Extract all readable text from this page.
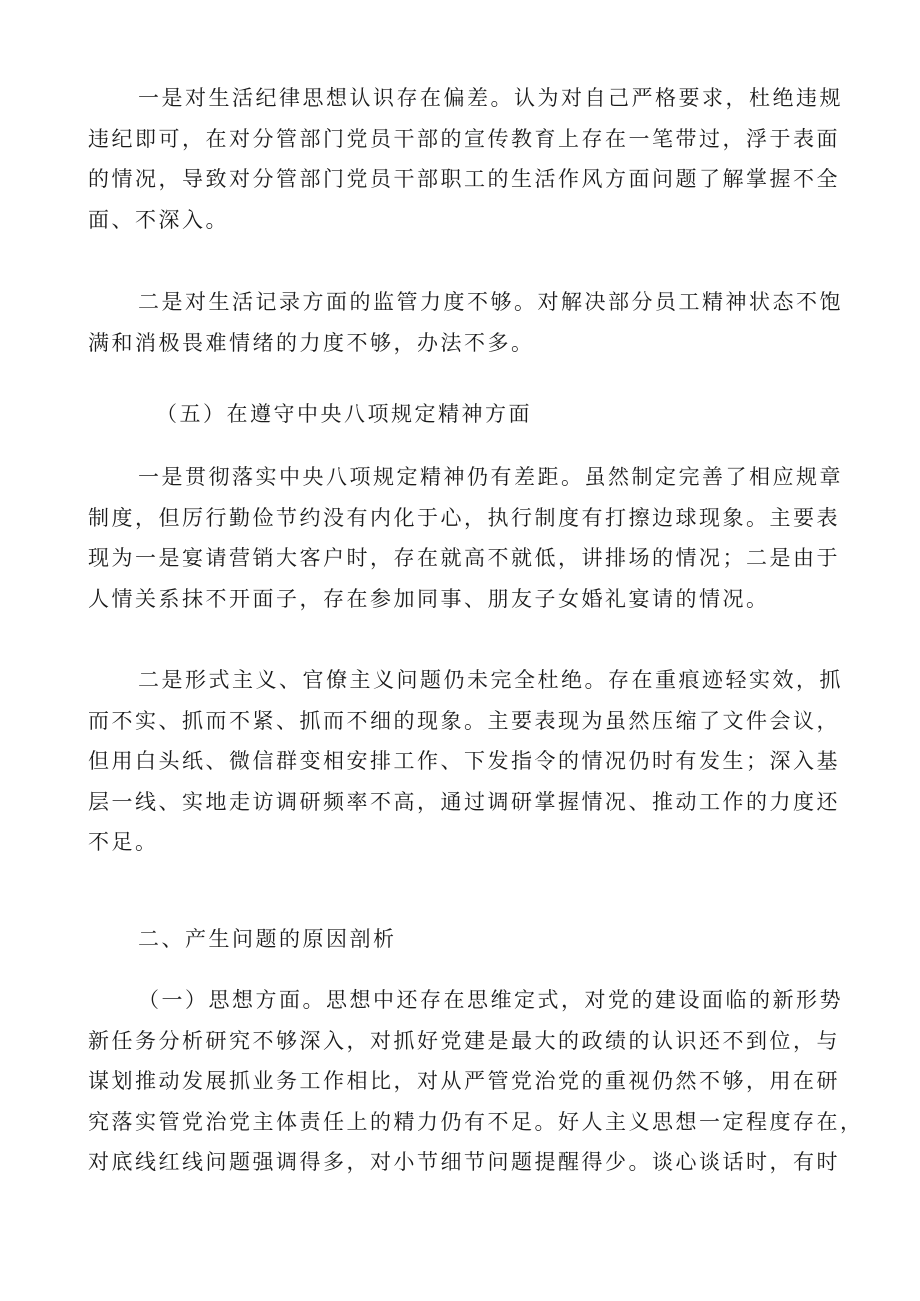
一是对生活纪律思想认识存在偏差。认为对自己严格要求，杜绝违规
违纪即可，在对分管部门党员干部的宣传教育上存在一笔带过，浮于表面
的情况，导致对分管部门党员干部职工的生活作风方面问题了解掌握不全
面、不深入。

二是对生活记录方面的监管力度不够。对解决部分员工精神状态不饱
满和消极畏难情绪的力度不够，办法不多。

（五）在遵守中央八项规定精神方面

一是贯彻落实中央八项规定精神仍有差距。虽然制定完善了相应规章
制度，但厉行勤俭节约没有内化于心，执行制度有打擦边球现象。主要表
现为一是宴请营销大客户时，存在就高不就低，讲排场的情况；二是由于
人情关系抹不开面子，存在参加同事、朋友子女婚礼宴请的情况。

二是形式主义、官僚主义问题仍未完全杜绝。存在重痕迹轻实效，抓
而不实、抓而不紧、抓而不细的现象。主要表现为虽然压缩了文件会议，
但用白头纸、微信群变相安排工作、下发指令的情况仍时有发生；深入基
层一线、实地走访调研频率不高，通过调研掌握情况、推动工作的力度还
不足。

二、产生问题的原因剖析

（一）思想方面。思想中还存在思维定式，对党的建设面临的新形势
新任务分析研究不够深入，对抓好党建是最大的政绩的认识还不到位，与
谋划推动发展抓业务工作相比，对从严管党治党的重视仍然不够，用在研
究落实管党治党主体责任上的精力仍有不足。好人主义思想一定程度存在，
对底线红线问题强调得多，对小节细节问题提醒得少。谈心谈话时，有时
